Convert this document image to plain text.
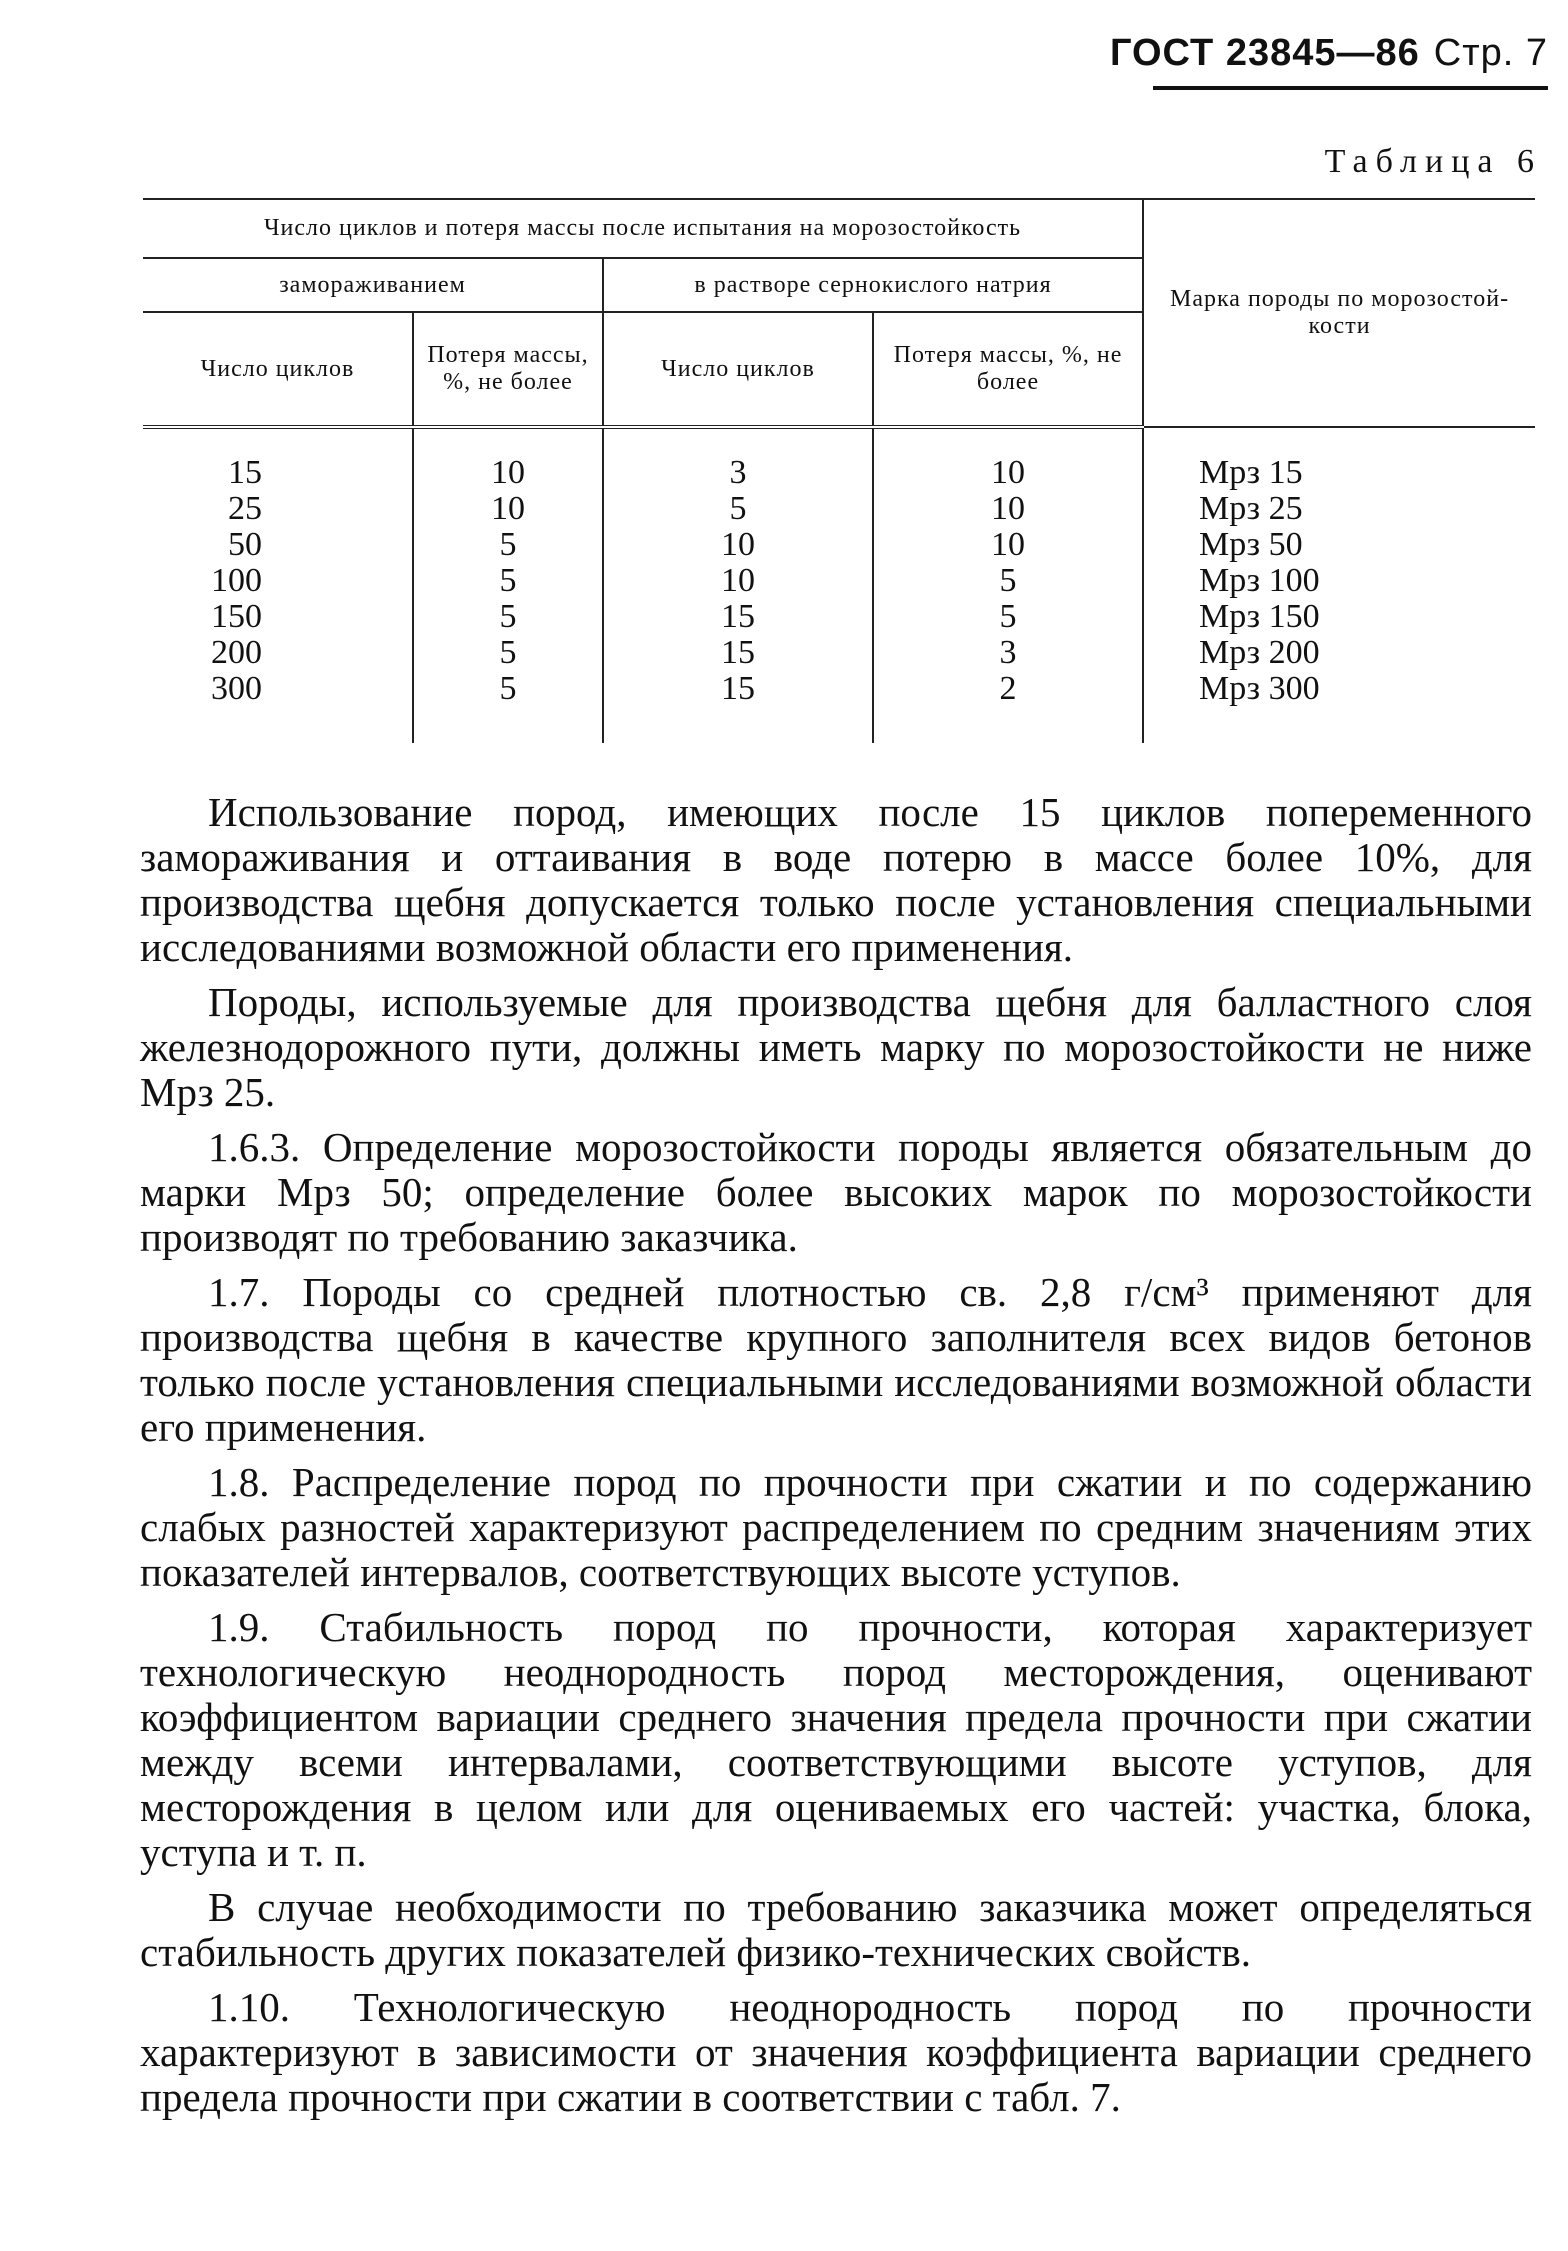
ГОСТ 23845—86 Стр. 7
Таблица 6
Число циклов и потеря массы после испытания на морозостойкость				Марка породы по морозостой- кости
замораживанием		в растворе сернокислого натрия		
Число циклов	Потеря массы, %, не более	Число циклов	Потеря массы, %, не более	

15	10	3	10	Мрз 15
25	10	5	10	Мрз 25
50	5	10	10	Мрз 50
100	5	10	5	Мрз 100
150	5	15	5	Мрз 150
200	5	15	3	Мрз 200
300	5	15	2	Мрз 300

Использование пород, имеющих после 15 циклов попеременного замораживания и оттаивания в воде потерю в массе более 10%, для производства щебня допускается только после установления специальными исследованиями возможной области его применения.

Породы, используемые для производства щебня для балластного слоя железнодорожного пути, должны иметь марку по морозостойкости не ниже Мрз 25.

1.6.3. Определение морозостойкости породы является обязательным до марки Мрз 50; определение более высоких марок по морозостойкости производят по требованию заказчика.

1.7. Породы со средней плотностью св. 2,8 г/см³ применяют для производства щебня в качестве крупного заполнителя всех видов бетонов только после установления специальными исследованиями возможной области его применения.

1.8. Распределение пород по прочности при сжатии и по содержанию слабых разностей характеризуют распределением по средним значениям этих показателей интервалов, соответствующих высоте уступов.

1.9. Стабильность пород по прочности, которая характеризует технологическую неоднородность пород месторождения, оценивают коэффициентом вариации среднего значения предела прочности при сжатии между всеми интервалами, соответствующими высоте уступов, для месторождения в целом или для оцениваемых его частей: участка, блока, уступа и т. п.

В случае необходимости по требованию заказчика может определяться стабильность других показателей физико-технических свойств.

1.10. Технологическую неоднородность пород по прочности характеризуют в зависимости от значения коэффициента вариации среднего предела прочности при сжатии в соответствии с табл. 7.
